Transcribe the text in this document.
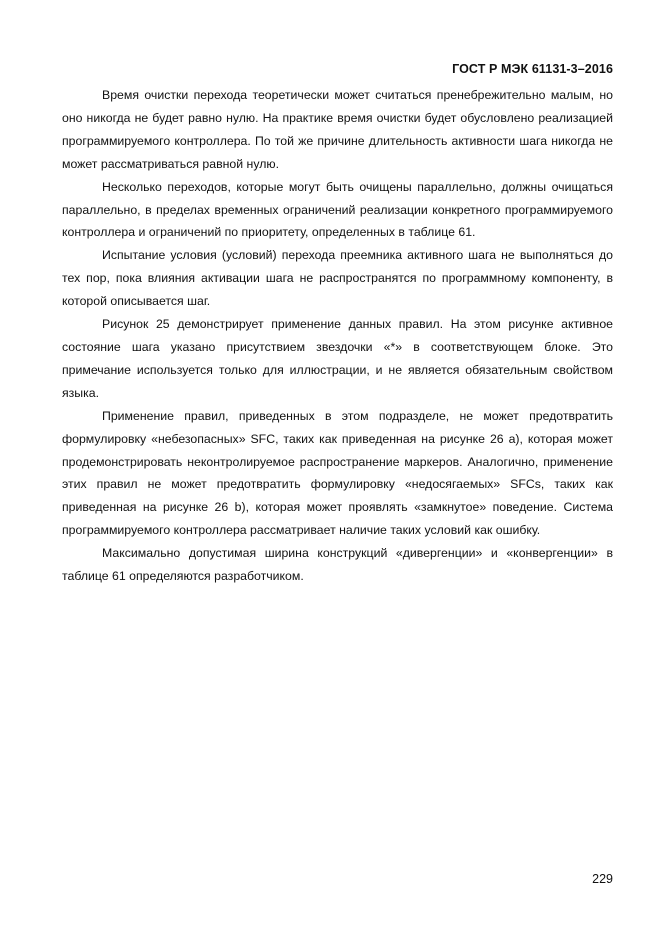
ГОСТ Р МЭК 61131-3–2016

Время очистки перехода теоретически может считаться пренебрежительно малым, но оно никогда не будет равно нулю. На практике время очистки будет обусловлено реализацией программируемого контроллера. По той же причине длительность активности шага никогда не может рассматриваться равной нулю.

Несколько переходов, которые могут быть очищены параллельно, должны очищаться параллельно, в пределах временных ограничений реализации конкретного программируемого контроллера и ограничений по приоритету, определенных в таблице 61.

Испытание условия (условий) перехода преемника активного шага не выполняться до тех пор, пока влияния активации шага не распространятся по программному компоненту, в которой описывается шаг.

Рисунок 25 демонстрирует применение данных правил. На этом рисунке активное состояние шага указано присутствием звездочки «*» в соответствующем блоке. Это примечание используется только для иллюстрации, и не является обязательным свойством языка.

Применение правил, приведенных в этом подразделе, не может предотвратить формулировку «небезопасных» SFC, таких как приведенная на рисунке 26 a), которая может продемонстрировать неконтролируемое распространение маркеров. Аналогично, применение этих правил не может предотвратить формулировку «недосягаемых» SFCs, таких как приведенная на рисунке 26 b), которая может проявлять «замкнутое» поведение. Система программируемого контроллера рассматривает наличие таких условий как ошибку.

Максимально допустимая ширина конструкций «дивергенции» и «конвергенции» в таблице 61 определяются разработчиком.

229
